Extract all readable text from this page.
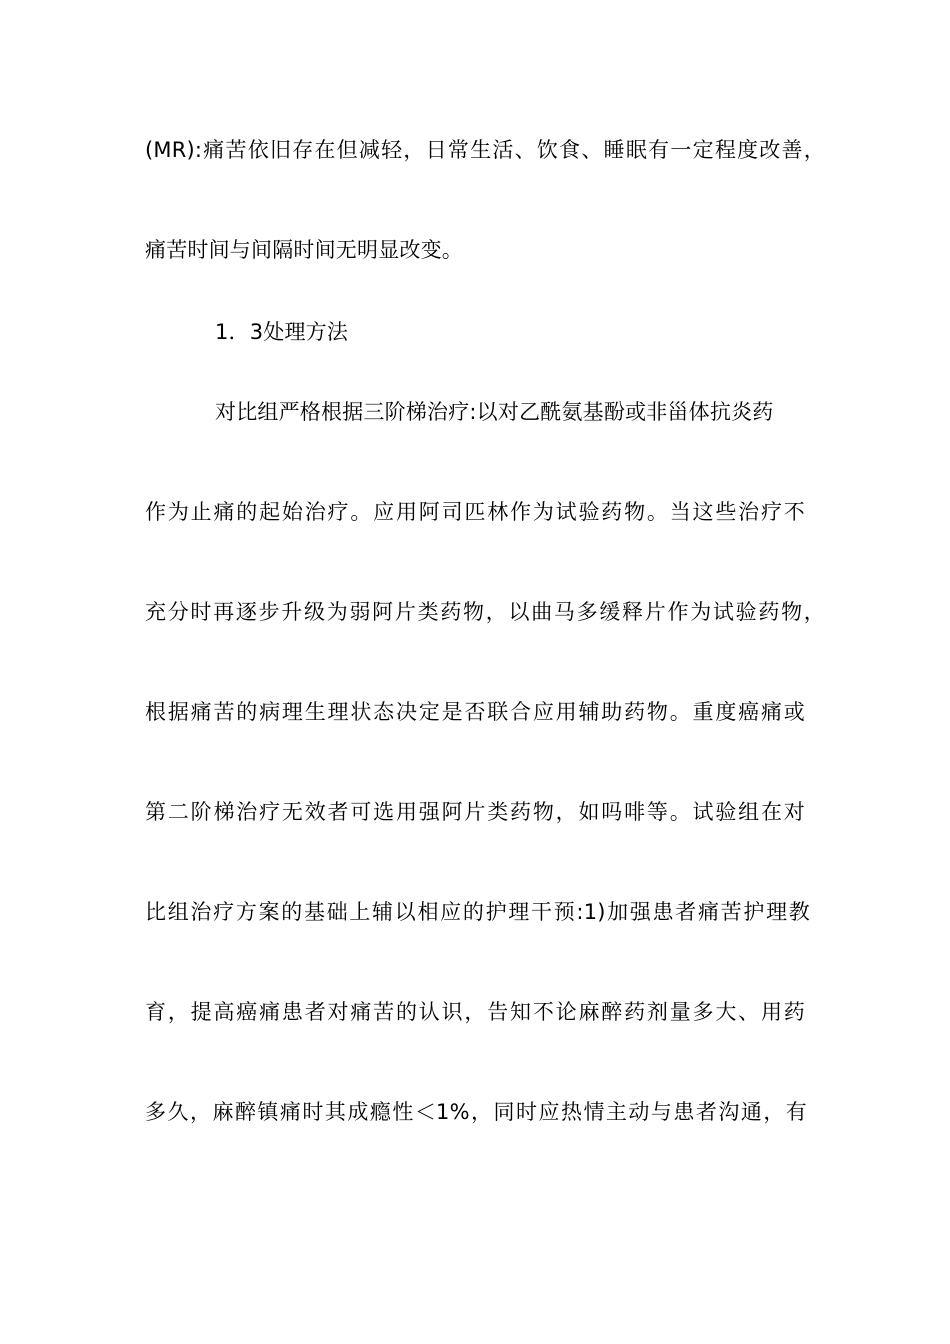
(MR):痛苦依旧存在但减轻，日常生活、饮食、睡眠有一定程度改善，
痛苦时间与间隔时间无明显改变。
1．3处理方法
对比组严格根据三阶梯治疗:以对乙酰氨基酚或非甾体抗炎药
作为止痛的起始治疗。应用阿司匹林作为试验药物。当这些治疗不
充分时再逐步升级为弱阿片类药物，以曲马多缓释片作为试验药物，
根据痛苦的病理生理状态决定是否联合应用辅助药物。重度癌痛或
第二阶梯治疗无效者可选用强阿片类药物，如吗啡等。试验组在对
比组治疗方案的基础上辅以相应的护理干预:1)加强患者痛苦护理教
育，提高癌痛患者对痛苦的认识，告知不论麻醉药剂量多大、用药
多久，麻醉镇痛时其成瘾性＜1%，同时应热情主动与患者沟通，有
